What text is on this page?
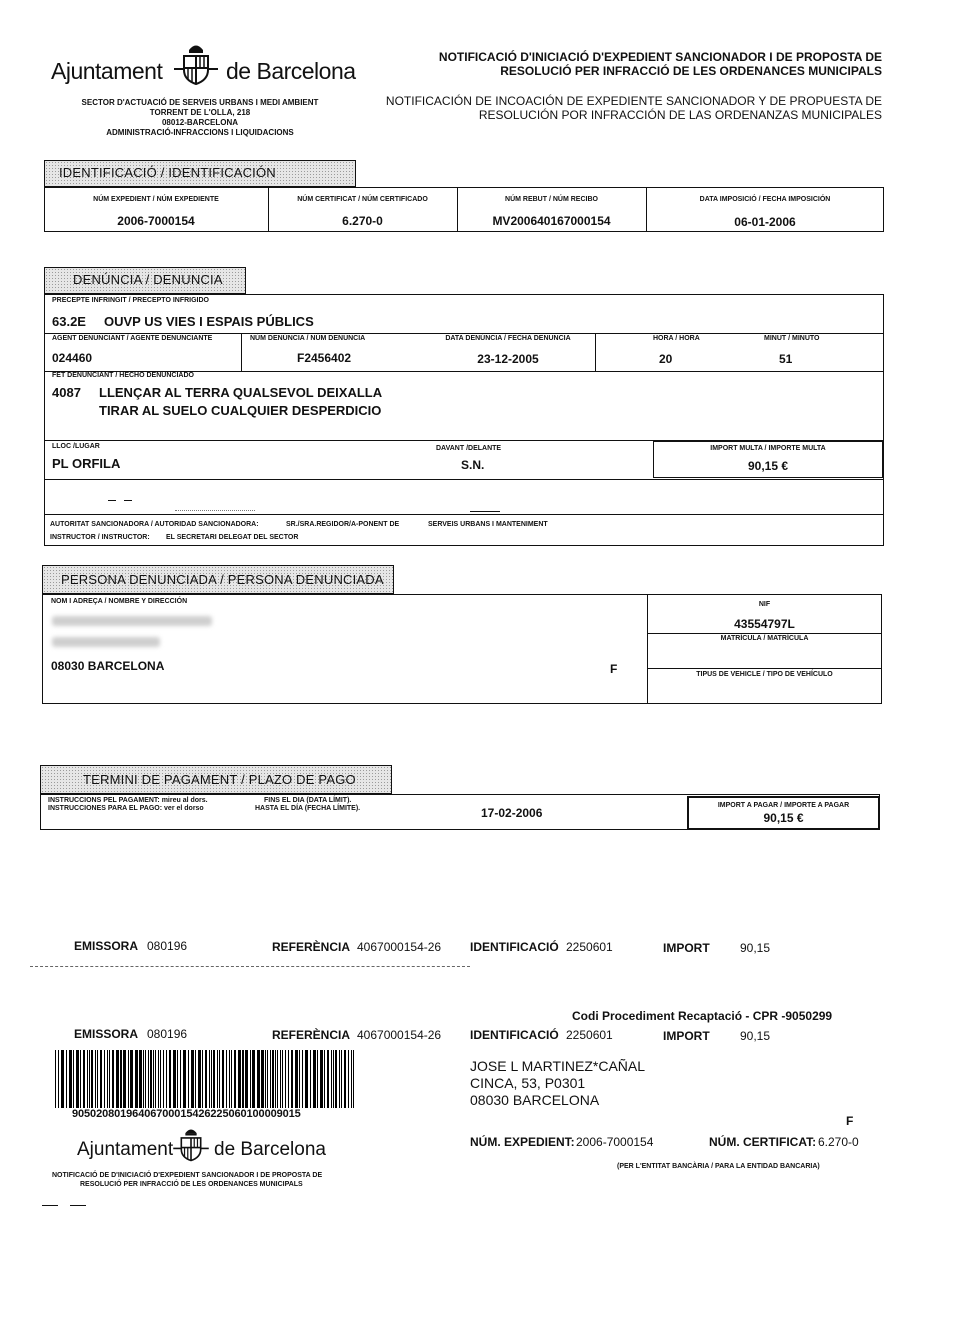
Ajuntament	de Barcelona
SECTOR D'ACTUACIÓ DE SERVEIS URBANS I MEDI AMBIENT
TORRENT DE L'OLLA, 218
08012-BARCELONA
ADMINISTRACIÓ-INFRACCIONS I LIQUIDACIONS
NOTIFICACIÓ D'INICIACIÓ D'EXPEDIENT SANCIONADOR I DE PROPOSTA DE
RESOLUCIÓ PER INFRACCIÓ DE LES ORDENANCES MUNICIPALS
NOTIFICACIÓN DE INCOACIÓN DE EXPEDIENTE SANCIONADOR Y DE PROPUESTA DE
RESOLUCIÓN POR INFRACCIÓN DE LAS ORDENANZAS MUNICIPALES
IDENTIFICACIÓ / IDENTIFICACIÓN
NÚM EXPEDIENT / NÚM EXPEDIENTE
2006-7000154
NÚM CERTIFICAT / NÚM CERTIFICADO
6.270-0
NÚM REBUT / NÚM RECIBO
MV200640167000154
DATA IMPOSICIÓ / FECHA IMPOSICIÓN
06-01-2006
DENÚNCIA / DENUNCIA
PRECEPTE INFRINGIT / PRECEPTO INFRIGIDO
63.2E OUVP US VIES I ESPAIS PÚBLICS
AGENT DENUNCIANT / AGENTE DENUNCIANTE
024460
NÚM DENÚNCIA / NÚM DENUNCIA
F2456402
DATA DENÚNCIA / FECHA DENUNCIA
23-12-2005
HORA / HORA
20
MINUT / MINUTO
51
FET DENUNCIANT / HECHO DENUNCIADO
4087 LLENÇAR AL TERRA QUALSEVOL DEIXALLA
TIRAR AL SUELO CUALQUIER DESPERDICIO
LLOC /LUGAR
PL ORFILA
DAVANT /DELANTE
S.N.
IMPORT MULTA / IMPORTE MULTA
90,15 €
AUTORITAT SANCIONADORA / AUTORIDAD SANCIONADORA:	SR./SRA.REGIDOR/A-PONENT DE	SERVEIS URBANS I MANTENIMENT
INSTRUCTOR / INSTRUCTOR: EL SECRETARI DELEGAT DEL SECTOR
PERSONA DENUNCIADA / PERSONA DENUNCIADA
NOM I ADREÇA / NOMBRE Y DIRECCIÓN
08030 BARCELONA	F
NIF
43554797L
MATRÍCULA / MATRÍCULA
TIPUS DE VEHICLE / TIPO DE VEHÍCULO
TERMINI DE PAGAMENT / PLAZO DE PAGO
INSTRUCCIONS PEL PAGAMENT: mireu al dors.
INSTRUCCIONES PARA EL PAGO: ver el dorso
FINS EL DIA (DATA LÍMIT).
HASTA EL DÍA (FECHA LÍMITE).	17-02-2006
IMPORT A PAGAR / IMPORTE A PAGAR
90,15 €
EMISSORA 080196	REFERÈNCIA 4067000154-26 IDENTIFICACIÓ 2250601	IMPORT	90,15
Codi Procediment Recaptació - CPR -9050299
EMISSORA 080196	REFERÈNCIA 4067000154-26 IDENTIFICACIÓ 2250601	IMPORT	90,15
90502080196406700015426225060100009015
JOSE L MARTINEZ*CAÑAL
CINCA, 53, P0301
08030 BARCELONA
F
Ajuntament de Barcelona
NOTIFICACIÓ DE D'INICIACIÓ D'EXPEDIENT SANCIONADOR I DE PROPOSTA DE
RESOLUCIÓ PER INFRACCIÓ DE LES ORDENANCES MUNICIPALS
NÚM. EXPEDIENT: 2006-7000154	NÚM. CERTIFICAT: 6.270-0
(PER L'ENTITAT BANCÀRIA / PARA LA ENTIDAD BANCARIA)
